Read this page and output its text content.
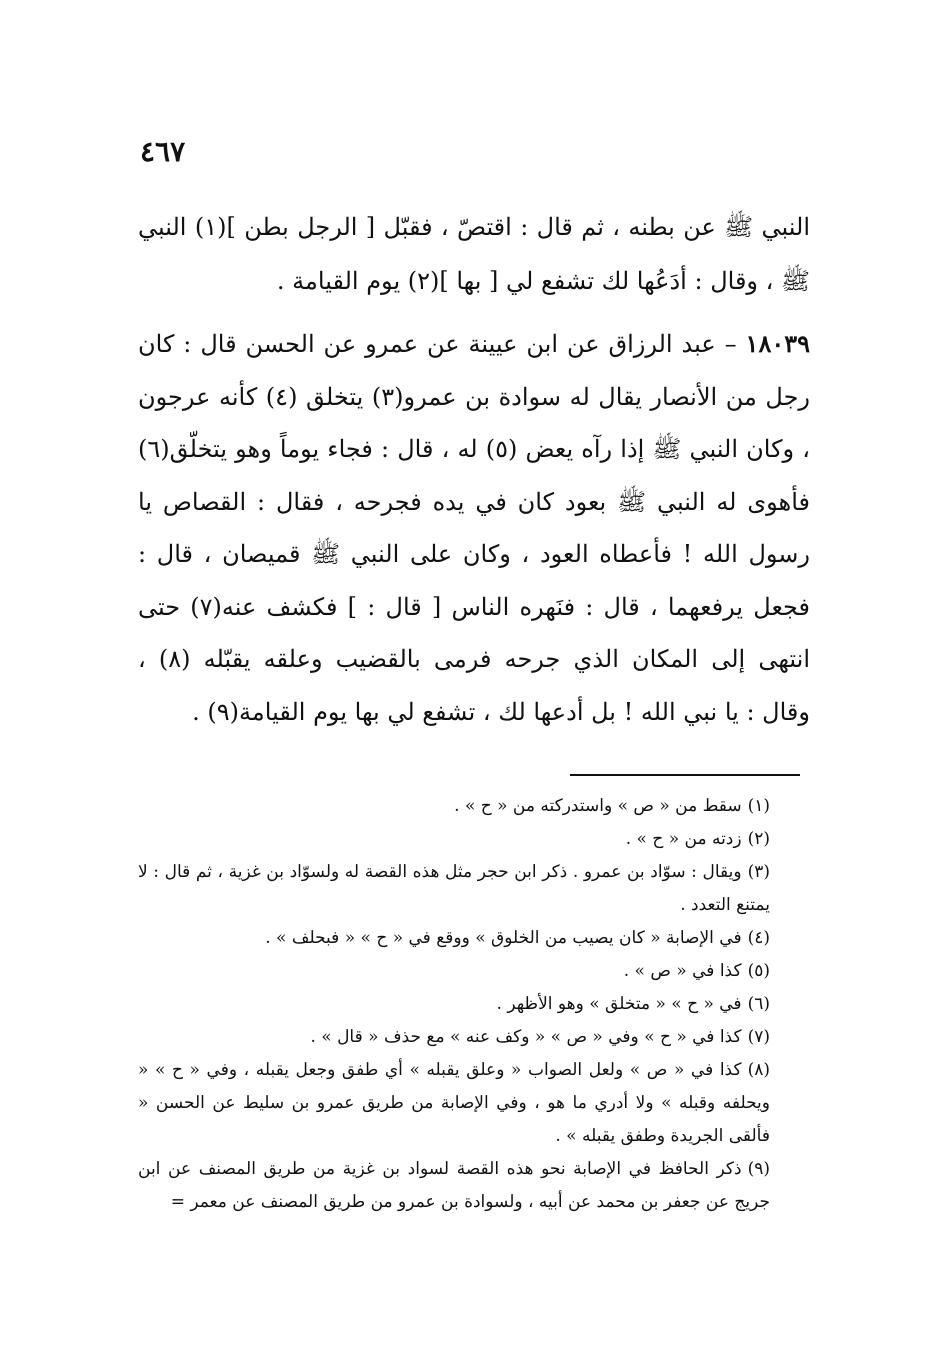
٤٦٧
النبي ﷺ عن بطنه ، ثم قال : اقتصّ ، فقبّل [ الرجل بطن ](١) النبي ﷺ ، وقال : أدَعُها لك تشفع لي [ بها ](٢) يوم القيامة .
١٨٠٣٩ – عبد الرزاق عن ابن عيينة عن عمرو عن الحسن قال : كان رجل من الأنصار يقال له سوادة بن عمرو(٣) يتخلق (٤) كأنه عرجون ، وكان النبي ﷺ إذا رآه يعض (٥) له ، قال : فجاء يوماً وهو يتخلّق(٦) فأهوى له النبي ﷺ بعود كان في يده فجرحه ، فقال : القصاص يا رسول الله ! فأعطاه العود ، وكان على النبي ﷺ قميصان ، قال : فجعل يرفعهما ، قال : فنَهره الناس [ قال : ] فكشف عنه(٧) حتى انتهى إلى المكان الذي جرحه فرمى بالقضيب وعلقه يقبّله (٨) ، وقال : يا نبي الله ! بل أدعها لك ، تشفع لي بها يوم القيامة(٩) .

(١)سقط من « ص » واستدركته من « ح » .

(٢)زدته من « ح » .

(٣)ويقال : سوّاد بن عمرو . ذكر ابن حجر مثل هذه القصة له ولسوّاد بن غزية ، ثم قال : لا يمتنع التعدد .

(٤)في الإصابة « كان يصيب من الخلوق » ووقع في « ح » « فبحلف » .

(٥)كذا في « ص » .

(٦)في « ح » « متخلق » وهو الأظهر .

(٧)كذا في « ح » وفي « ص » « وكف عنه » مع حذف « قال » .

(٨)كذا في « ص » ولعل الصواب « وعلق يقبله » أي طفق وجعل يقبله ، وفي « ح » « ويحلفه وقبله » ولا أدري ما هو ، وفي الإصابة من طريق عمرو بن سليط عن الحسن « فألقى الجريدة وطفق يقبله » .

(٩)ذكر الحافظ في الإصابة نحو هذه القصة لسواد بن غزية من طريق المصنف عن ابن جريج عن جعفر بن محمد عن أبيه ، ولسوادة بن عمرو من طريق المصنف عن معمر =
